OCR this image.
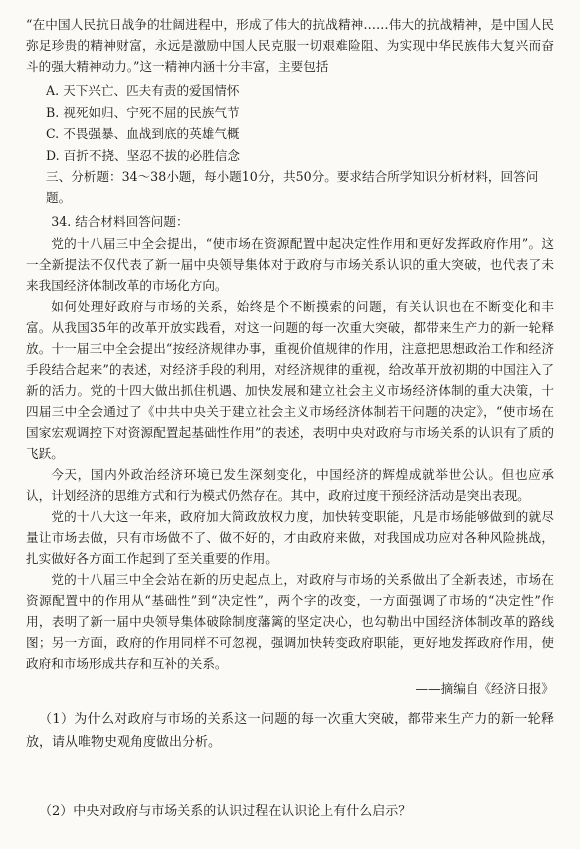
“在中国人民抗日战争的壮阔进程中，形成了伟大的抗战精神……伟大的抗战精神，是中国人民弥足珍贵的精神财富，永远是激励中国人民克服一切艰难险阻、为实现中华民族伟大复兴而奋斗的强大精神动力。”这一精神内涵十分丰富，主要包括

A. 天下兴亡、匹夫有责的爱国情怀

B. 视死如归、宁死不屈的民族气节

C. 不畏强暴、血战到底的英雄气概

D. 百折不挠、坚忍不拔的必胜信念

三、分析题：34～38小题，每小题10分，共50分。要求结合所学知识分析材料，回答问题。

34. 结合材料回答问题：

党的十八届三中全会提出，“使市场在资源配置中起决定性作用和更好发挥政府作用”。这一全新提法不仅代表了新一届中央领导集体对于政府与市场关系认识的重大突破，也代表了未来我国经济体制改革的市场化方向。

如何处理好政府与市场的关系，始终是个不断摸索的问题，有关认识也在不断变化和丰富。从我国35年的改革开放实践看，对这一问题的每一次重大突破，都带来生产力的新一轮释放。十一届三中全会提出“按经济规律办事，重视价值规律的作用，注意把思想政治工作和经济手段结合起来”的表述，对经济手段的利用，对经济规律的重视，给改革开放初期的中国注入了新的活力。党的十四大做出抓住机遇、加快发展和建立社会主义市场经济体制的重大决策，十四届三中全会通过了《中共中央关于建立社会主义市场经济体制若干问题的决定》，“使市场在国家宏观调控下对资源配置起基础性作用”的表述，表明中央对政府与市场关系的认识有了质的飞跃。

今天，国内外政治经济环境已发生深刻变化，中国经济的辉煌成就举世公认。但也应承认，计划经济的思维方式和行为模式仍然存在。其中，政府过度干预经济活动是突出表现。

党的十八大这一年来，政府加大简政放权力度，加快转变职能，凡是市场能够做到的就尽量让市场去做，只有市场做不了、做不好的，才由政府来做，对我国成功应对各种风险挑战，扎实做好各方面工作起到了至关重要的作用。

党的十八届三中全会站在新的历史起点上，对政府与市场的关系做出了全新表述，市场在资源配置中的作用从“基础性”到“决定性”，两个字的改变，一方面强调了市场的“决定性”作用，表明了新一届中央领导集体破除制度藩篱的坚定决心，也勾勒出中国经济体制改革的路线图；另一方面，政府的作用同样不可忽视，强调加快转变政府职能，更好地发挥政府作用，使政府和市场形成共存和互补的关系。

——摘编自《经济日报》

（1）为什么对政府与市场的关系这一问题的每一次重大突破，都带来生产力的新一轮释放，请从唯物史观角度做出分析。

（2）中央对政府与市场关系的认识过程在认识论上有什么启示？
